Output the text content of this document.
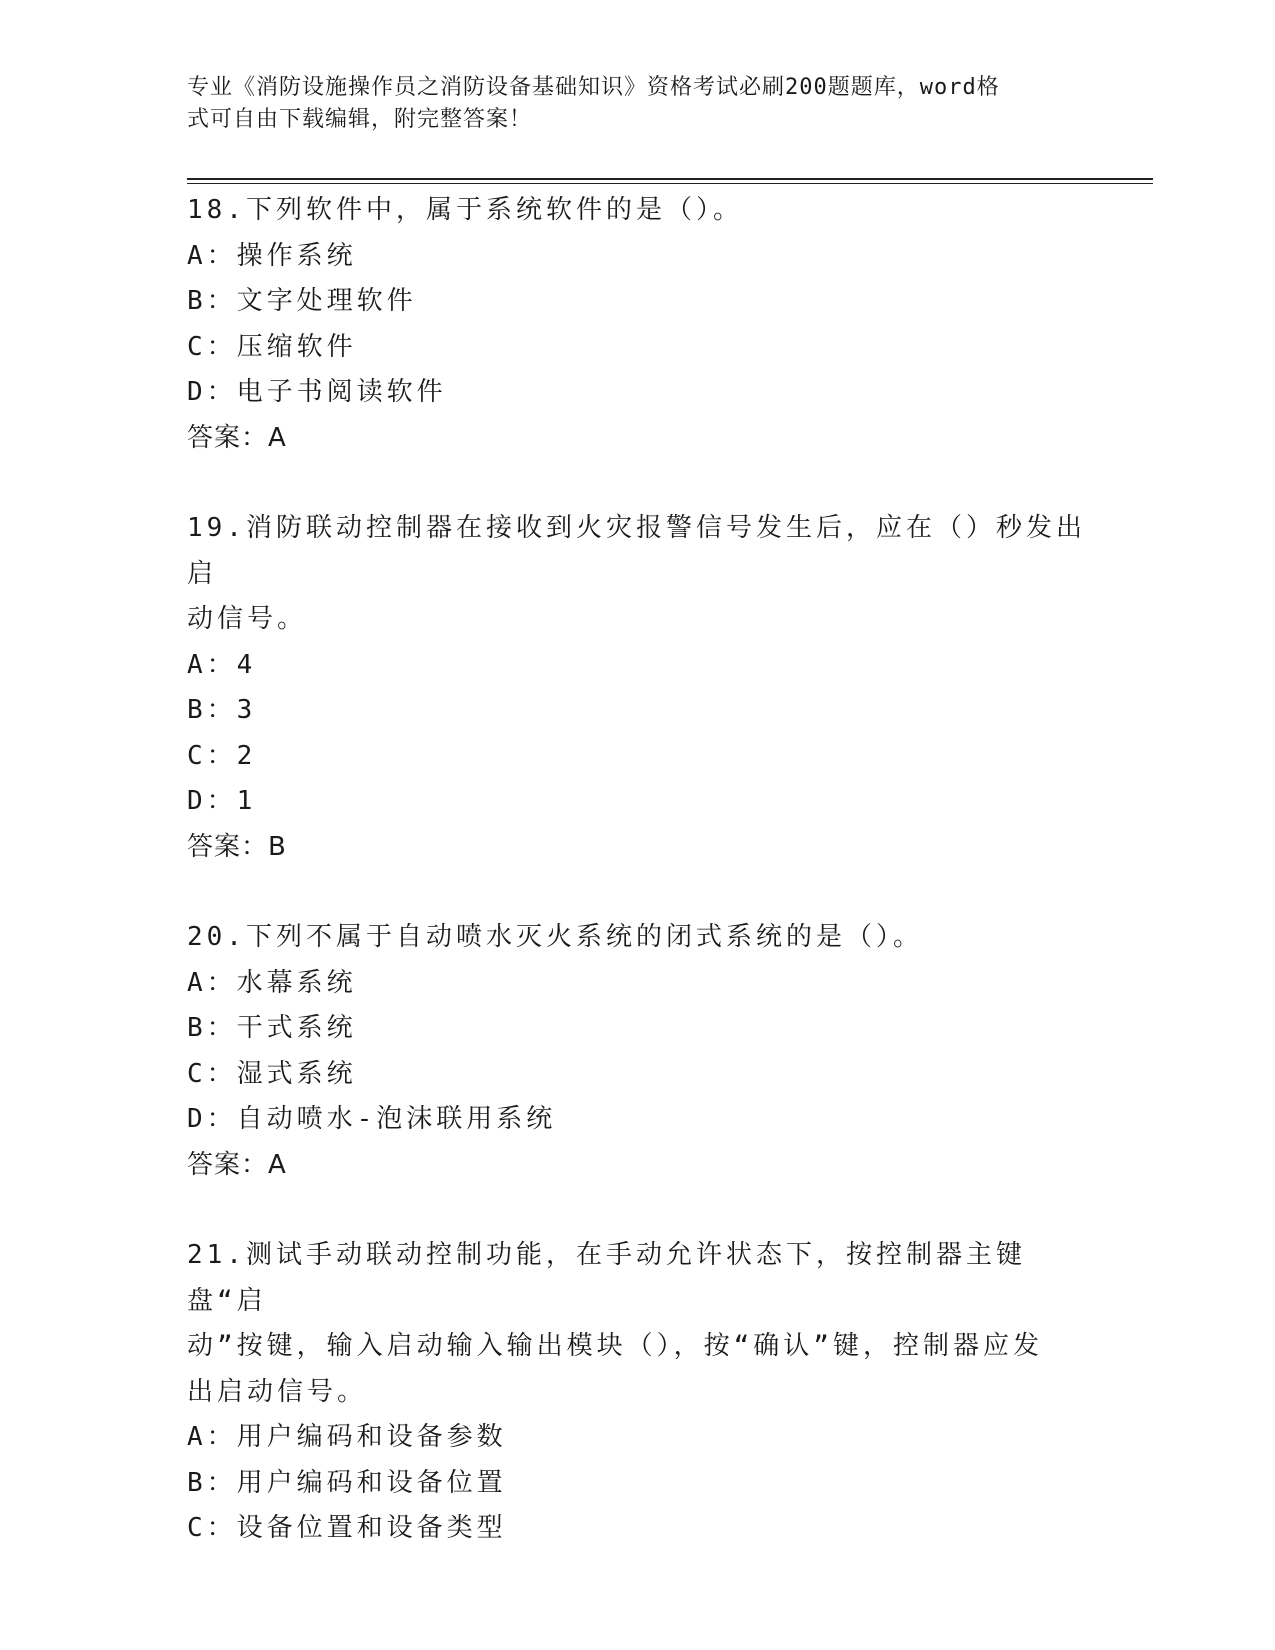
专业《消防设施操作员之消防设备基础知识》资格考试必刷200题题库，word格
式可自由下载编辑，附完整答案！
18.下列软件中，属于系统软件的是（）。
A：操作系统
B：文字处理软件
C：压缩软件
D：电子书阅读软件
答案：A
19.消防联动控制器在接收到火灾报警信号发生后，应在（）秒发出启
动信号。
A：4
B：3
C：2
D：1
答案：B
20.下列不属于自动喷水灭火系统的闭式系统的是（）。
A：水幕系统
B：干式系统
C：湿式系统
D：自动喷水-泡沫联用系统
答案：A
21.测试手动联动控制功能，在手动允许状态下，按控制器主键盘“启
动”按键，输入启动输入输出模块（），按“确认”键，控制器应发
出启动信号。
A：用户编码和设备参数
B：用户编码和设备位置
C：设备位置和设备类型
